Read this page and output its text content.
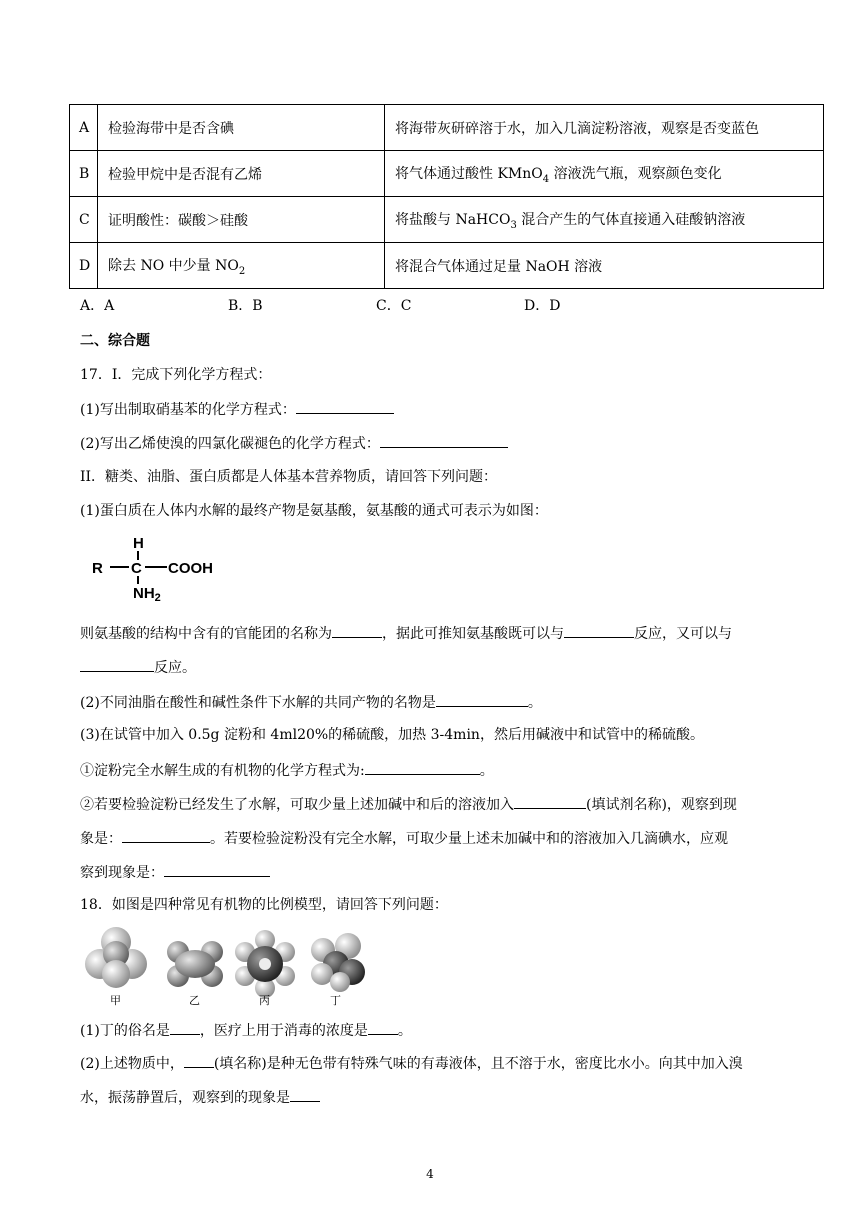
A	检验海带中是否含碘	将海带灰研碎溶于水，加入几滴淀粉溶液，观察是否变蓝色
B	检验甲烷中是否混有乙烯	将气体通过酸性 KMnO$_4$ 溶液洗气瓶，观察颜色变化
C	证明酸性：碳酸＞硅酸	将盐酸与 NaHCO$_3$ 混合产生的气体直接通入硅酸钠溶液
D	除去 NO 中少量 $NO_2$	将混合气体通过足量 NaOH 溶液
A．A	B．B	C．C	D．D
二、综合题
17．I．完成下列化学方程式：
(1)写出制取硝基苯的化学方程式：
(2)写出乙烯使溴的四氯化碳褪色的化学方程式：
II．糖类、油脂、蛋白质都是人体基本营养物质，请回答下列问题：
(1)蛋白质在人体内水解的最终产物是氨基酸，氨基酸的通式可表示为如图：
H
R C COOH
$NH_2$
则氨基酸的结构中含有的官能团的名称为	，据此可推知氨基酸既可以与	反应，又可以与
反应。
(2)不同油脂在酸性和碱性条件下水解的共同产物的名物是	。
(3)在试管中加入 0.5g 淀粉和 4ml20%的稀硫酸，加热 3-4min，然后用碱液中和试管中的稀硫酸。
①淀粉完全水解生成的有机物的化学方程式为:	。
②若要检验淀粉已经发生了水解，可取少量上述加碱中和后的溶液加入	(填试剂名称)，观察到现
象是：	。若要检验淀粉没有完全水解，可取少量上述未加碱中和的溶液加入几滴碘水，应观
察到现象是：
18．如图是四种常见有机物的比例模型，请回答下列问题：
甲	乙	丙	丁
(1)丁的俗名是 ，医疗上用于消毒的浓度是 。
(2)上述物质中， (填名称)是种无色带有特殊气味的有毒液体，且不溶于水，密度比水小。向其中加入溴
水，振荡静置后，观察到的现象是
4
